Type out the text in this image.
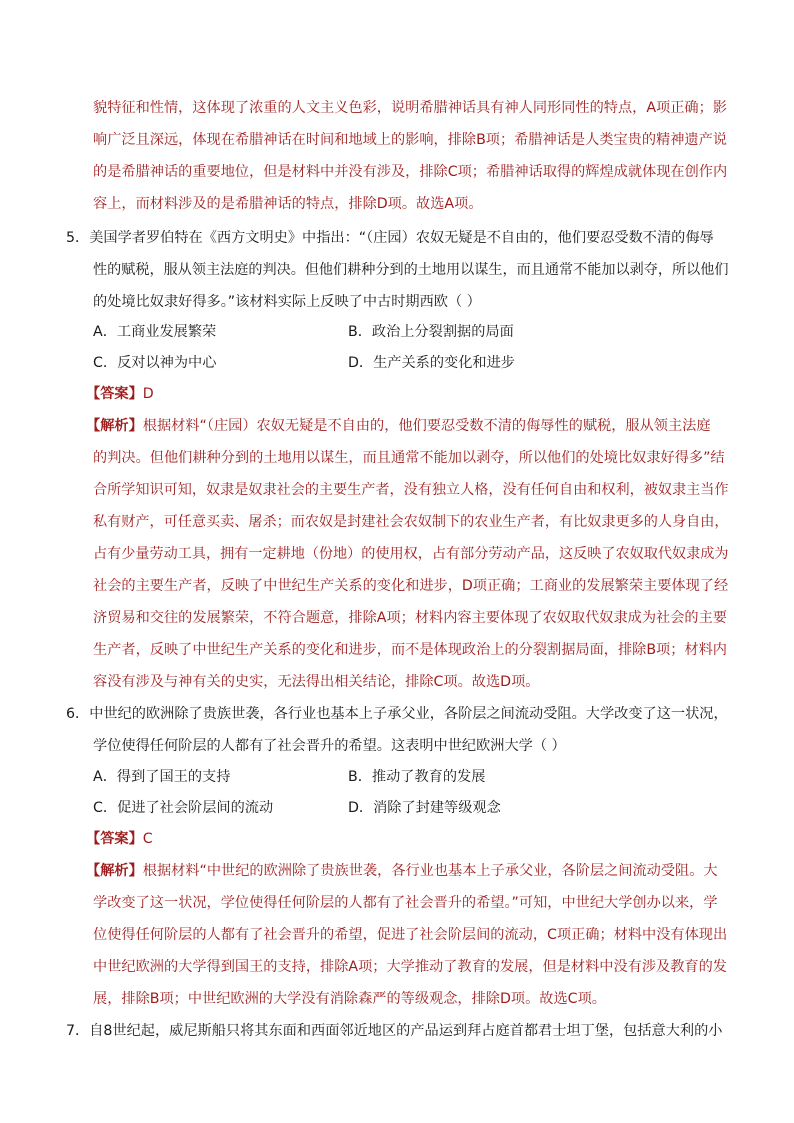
貌特征和性情，这体现了浓重的人文主义色彩，说明希腊神话具有神人同形同性的特点，A项正确；影
响广泛且深远，体现在希腊神话在时间和地域上的影响，排除B项；希腊神话是人类宝贵的精神遗产说
的是希腊神话的重要地位，但是材料中并没有涉及，排除C项；希腊神话取得的辉煌成就体现在创作内
容上，而材料涉及的是希腊神话的特点，排除D项。故选A项。
5．美国学者罗伯特在《西方文明史》中指出：“（庄园）农奴无疑是不自由的，他们要忍受数不清的侮辱
性的赋税，服从领主法庭的判决。但他们耕种分到的土地用以谋生，而且通常不能加以剥夺，所以他们
的处境比奴隶好得多。”该材料实际上反映了中古时期西欧（ ）
A．工商业发展繁荣	B．政治上分裂割据的局面
C．反对以神为中心	D．生产关系的变化和进步
【答案】D
【解析】根据材料“（庄园）农奴无疑是不自由的，他们要忍受数不清的侮辱性的赋税，服从领主法庭
的判决。但他们耕种分到的土地用以谋生，而且通常不能加以剥夺，所以他们的处境比奴隶好得多”结
合所学知识可知，奴隶是奴隶社会的主要生产者，没有独立人格，没有任何自由和权利，被奴隶主当作
私有财产，可任意买卖、屠杀；而农奴是封建社会农奴制下的农业生产者，有比奴隶更多的人身自由，
占有少量劳动工具，拥有一定耕地（份地）的使用权，占有部分劳动产品，这反映了农奴取代奴隶成为
社会的主要生产者，反映了中世纪生产关系的变化和进步，D项正确；工商业的发展繁荣主要体现了经
济贸易和交往的发展繁荣，不符合题意，排除A项；材料内容主要体现了农奴取代奴隶成为社会的主要
生产者，反映了中世纪生产关系的变化和进步，而不是体现政治上的分裂割据局面，排除B项；材料内
容没有涉及与神有关的史实，无法得出相关结论，排除C项。故选D项。
6．中世纪的欧洲除了贵族世袭，各行业也基本上子承父业，各阶层之间流动受阻。大学改变了这一状况，
学位使得任何阶层的人都有了社会晋升的希望。这表明中世纪欧洲大学（ ）
A．得到了国王的支持	B．推动了教育的发展
C．促进了社会阶层间的流动	D．消除了封建等级观念
【答案】C
【解析】根据材料“中世纪的欧洲除了贵族世袭，各行业也基本上子承父业，各阶层之间流动受阻。大
学改变了这一状况，学位使得任何阶层的人都有了社会晋升的希望。”可知，中世纪大学创办以来，学
位使得任何阶层的人都有了社会晋升的希望，促进了社会阶层间的流动，C项正确；材料中没有体现出
中世纪欧洲的大学得到国王的支持，排除A项；大学推动了教育的发展，但是材料中没有涉及教育的发
展，排除B项；中世纪欧洲的大学没有消除森严的等级观念，排除D项。故选C项。
7．自8世纪起，威尼斯船只将其东面和西面邻近地区的产品运到拜占庭首都君士坦丁堡，包括意大利的小
